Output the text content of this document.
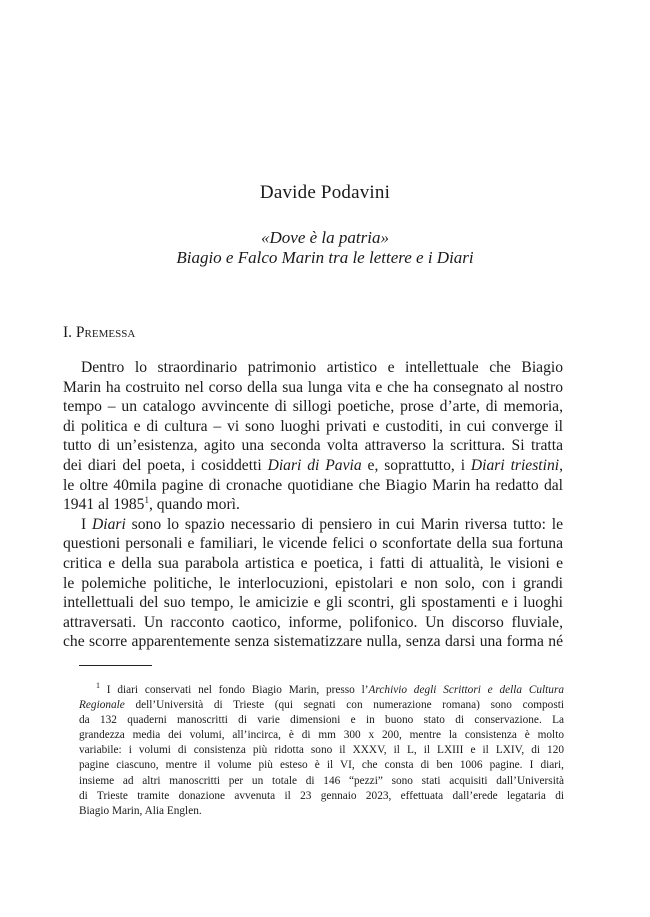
Davide Podavini
«Dove è la patria»
Biagio e Falco Marin tra le lettere e i Diari
I. Premessa
Dentro lo straordinario patrimonio artistico e intellettuale che Biagio
Marin ha costruito nel corso della sua lunga vita e che ha consegnato al nostro
tempo – un catalogo avvincente di sillogi poetiche, prose d’arte, di memoria,
di politica e di cultura – vi sono luoghi privati e custoditi, in cui converge il
tutto di un’esistenza, agito una seconda volta attraverso la scrittura. Si tratta
dei diari del poeta, i cosiddetti Diari di Pavia e, soprattutto, i Diari triestini,
le oltre 40mila pagine di cronache quotidiane che Biagio Marin ha redatto dal
1941 al 1985$^1$, quando morì.
I Diari sono lo spazio necessario di pensiero in cui Marin riversa tutto: le
questioni personali e familiari, le vicende felici o sconfortate della sua fortuna
critica e della sua parabola artistica e poetica, i fatti di attualità, le visioni e
le polemiche politiche, le interlocuzioni, epistolari e non solo, con i grandi
intellettuali del suo tempo, le amicizie e gli scontri, gli spostamenti e i luoghi
attraversati. Un racconto caotico, informe, polifonico. Un discorso fluviale,
che scorre apparentemente senza sistematizzare nulla, senza darsi una forma né
$^1$ I diari conservati nel fondo Biagio Marin, presso l’Archivio degli Scrittori e della Cultura
Regionale dell’Università di Trieste (qui segnati con numerazione romana) sono composti
da 132 quaderni manoscritti di varie dimensioni e in buono stato di conservazione. La
grandezza media dei volumi, all’incirca, è di mm 300 x 200, mentre la consistenza è molto
variabile: i volumi di consistenza più ridotta sono il XXXV, il L, il LXIII e il LXIV, di 120
pagine ciascuno, mentre il volume più esteso è il VI, che consta di ben 1006 pagine. I diari,
insieme ad altri manoscritti per un totale di 146 “pezzi” sono stati acquisiti dall’Università
di Trieste tramite donazione avvenuta il 23 gennaio 2023, effettuata dall’erede legataria di
Biagio Marin, Alia Englen.
